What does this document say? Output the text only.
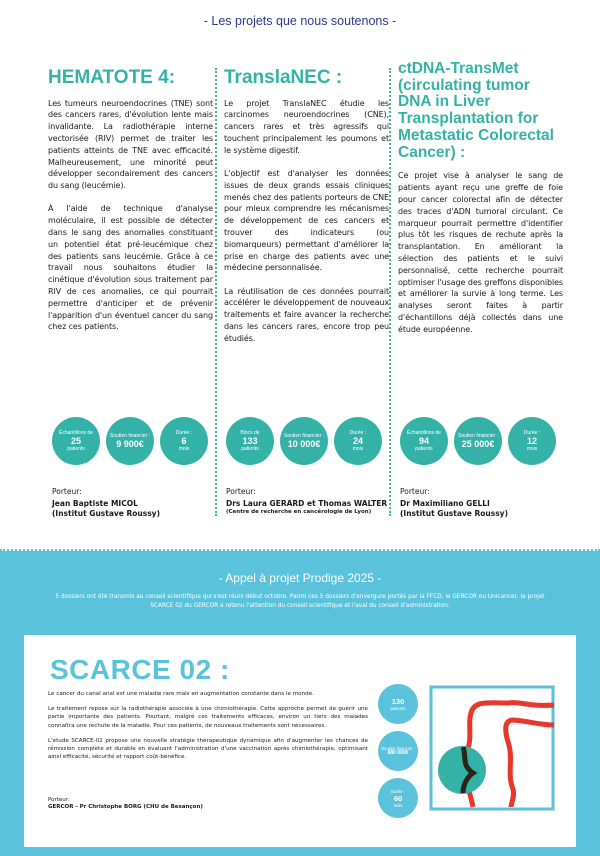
- Les projets que nous soutenons -
HEMATOTE 4:

Les tumeurs neuroendocrines (TNE) sont des cancers rares, d'évolution lente mais invalidante. La radiothérapie interne vectorisée (RIV) permet de traiter les patients atteints de TNE avec efficacité. Malheureusement, une minorité peut développer secondairement des cancers du sang (leucémie).

À l'aide de technique d'analyse moléculaire, il est possible de détecter dans le sang des anomalies constituant un potentiel état pré-leucémique chez des patients sans leucémie. Grâce à ce travail nous souhaitons étudier la cinétique d'évolution sous traitement par RIV de ces anomalies, ce qui pourrait permettre d'anticiper et de prévenir l'apparition d'un éventuel cancer du sang chez ces patients.

TranslaNEC :

Le projet TranslaNEC étudie les carcinomes neuroendocrines (CNE), cancers rares et très agressifs qui touchent principalement les poumons et le système digestif.

L'objectif est d'analyser les données issues de deux grands essais cliniques menés chez des patients porteurs de CNE pour mieux comprendre les mécanismes de développement de ces cancers et trouver des indicateurs (ou biomarqueurs) permettant d'améliorer la prise en charge des patients avec une médecine personnalisée.

La réutilisation de ces données pourrait accélérer le développement de nouveaux traitements et faire avancer la recherche dans les cancers rares, encore trop peu étudiés.

ctDNA-TransMet (circulating tumor DNA in Liver Transplantation for Metastatic Colorectal Cancer) :

Ce projet vise à analyser le sang de patients ayant reçu une greffe de foie pour cancer colorectal afin de détecter des traces d'ADN tumoral circulant. Ce marqueur pourrait permettre d'identifier plus tôt les risques de rechute après la transplantation. En améliorant la sélection des patients et le suivi personnalisé, cette recherche pourrait optimiser l'usage des greffons disponibles et améliorer la survie à long terme. Les analyses seront faites à partir d'échantillons déjà collectés dans une étude européenne.

Échantillons de
25
patients
Soutien financier :
9 900€
Durée :
6
mois
Blocs de
133
patients
Soutien financier :
10 000€
Durée :
24
mois
Échantillons de
94
patients
Soutien financier :
25 000€
Durée :
12
mois
Porteur:
Jean Baptiste MICOL
(Institut Gustave Roussy)
Porteur:
Drs Laura GERARD et Thomas WALTER
(Centre de recherche en cancérologie de Lyon)
Porteur:
Dr Maximiliano GELLI
(Institut Gustave Roussy)
- Appel à projet Prodige 2025 -
5 dossiers ont été transmis au conseil scientifique qui s'est réuni début octobre. Parmi ces 5 dossiers d'envergure portés par la FFCD, le GERCOR ou Unicancer, le projet SCARCE 02 du GERCOR a retenu l'attention du conseil scientifique et l'aval du conseil d'administration.
SCARCE 02 :

Le cancer du canal anal est une maladie rare mais en augmentation constante dans le monde.

Le traitement repose sur la radiothérapie associée à une chimiothérapie. Cette approche permet de guérir une partie importante des patients. Pourtant, malgré ces traitements efficaces, environ un tiers des malades connaîtra une rechute de la maladie. Pour ces patients, de nouveaux traitements sont nécessaires.

L'étude SCARCE-02 propose une nouvelle stratégie thérapeutique dynamique afin d'augmenter les chances de rémission complète et durable en évaluant l'administration d'une vaccination après chimiothérapie, optimisant ainsi efficacité, sécurité et rapport coût-bénéfice.

Porteur:
GERCOR - Pr Christophe BORG (CHU de Besançon)
130
patients
Soutien financier :
880 000€
Durée :
60
mois
